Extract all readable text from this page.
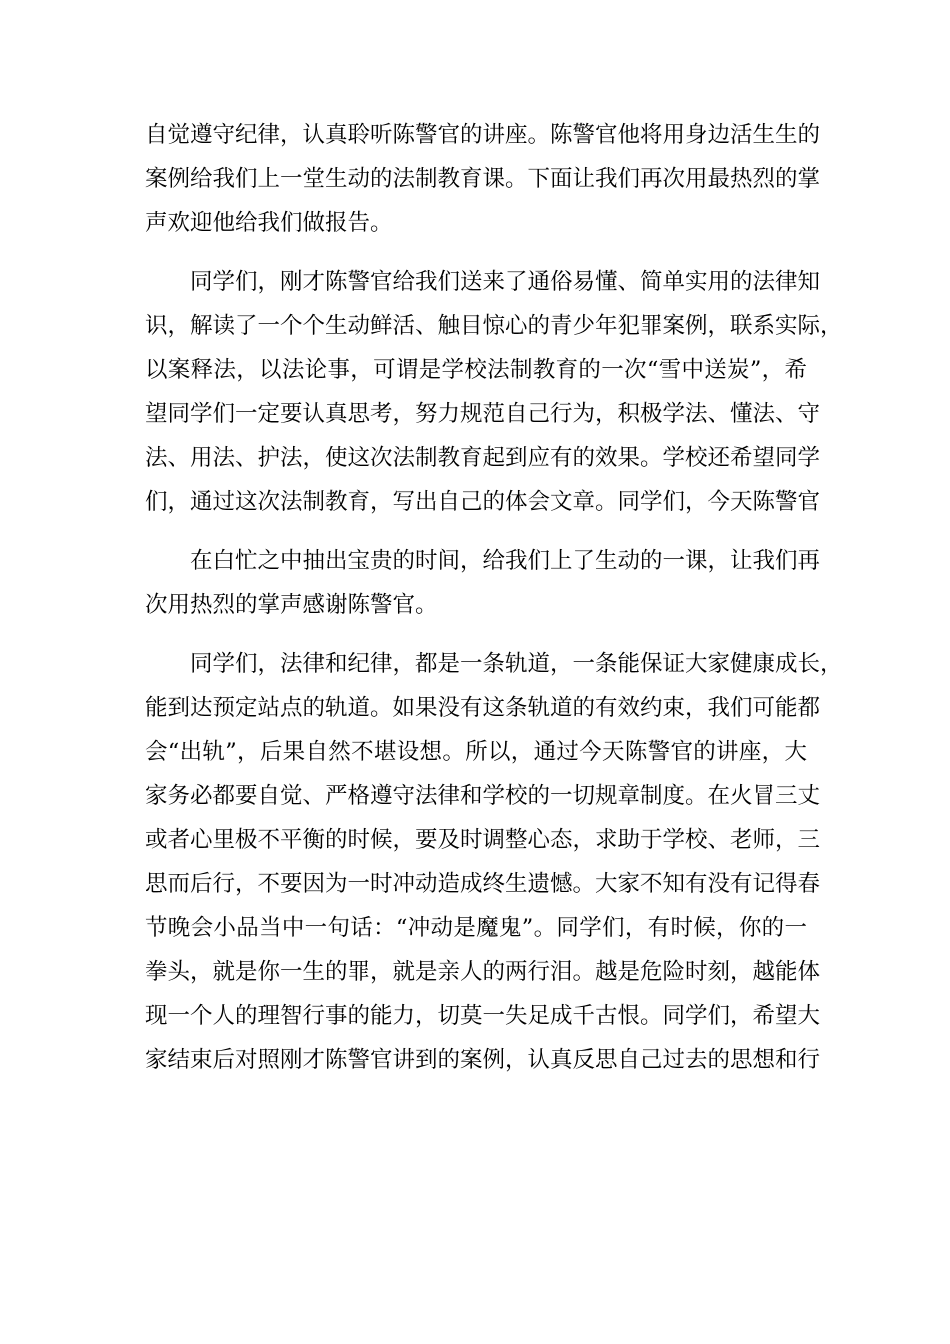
自觉遵守纪律，认真聆听陈警官的讲座。陈警官他将用身边活生生的
案例给我们上一堂生动的法制教育课。下面让我们再次用最热烈的掌
声欢迎他给我们做报告。
同学们，刚才陈警官给我们送来了通俗易懂、简单实用的法律知
识，解读了一个个生动鲜活、触目惊心的青少年犯罪案例，联系实际，
以案释法，以法论事，可谓是学校法制教育的一次“雪中送炭”，希
望同学们一定要认真思考，努力规范自己行为，积极学法、懂法、守
法、用法、护法，使这次法制教育起到应有的效果。学校还希望同学
们，通过这次法制教育，写出自己的体会文章。同学们，今天陈警官
在白忙之中抽出宝贵的时间，给我们上了生动的一课，让我们再
次用热烈的掌声感谢陈警官。
同学们，法律和纪律，都是一条轨道，一条能保证大家健康成长，
能到达预定站点的轨道。如果没有这条轨道的有效约束，我们可能都
会“出轨”，后果自然不堪设想。所以，通过今天陈警官的讲座，大
家务必都要自觉、严格遵守法律和学校的一切规章制度。在火冒三丈
或者心里极不平衡的时候，要及时调整心态，求助于学校、老师，三
思而后行，不要因为一时冲动造成终生遗憾。大家不知有没有记得春
节晚会小品当中一句话：“冲动是魔鬼”。同学们，有时候，你的一
拳头，就是你一生的罪，就是亲人的两行泪。越是危险时刻，越能体
现一个人的理智行事的能力，切莫一失足成千古恨。同学们，希望大
家结束后对照刚才陈警官讲到的案例，认真反思自己过去的思想和行
